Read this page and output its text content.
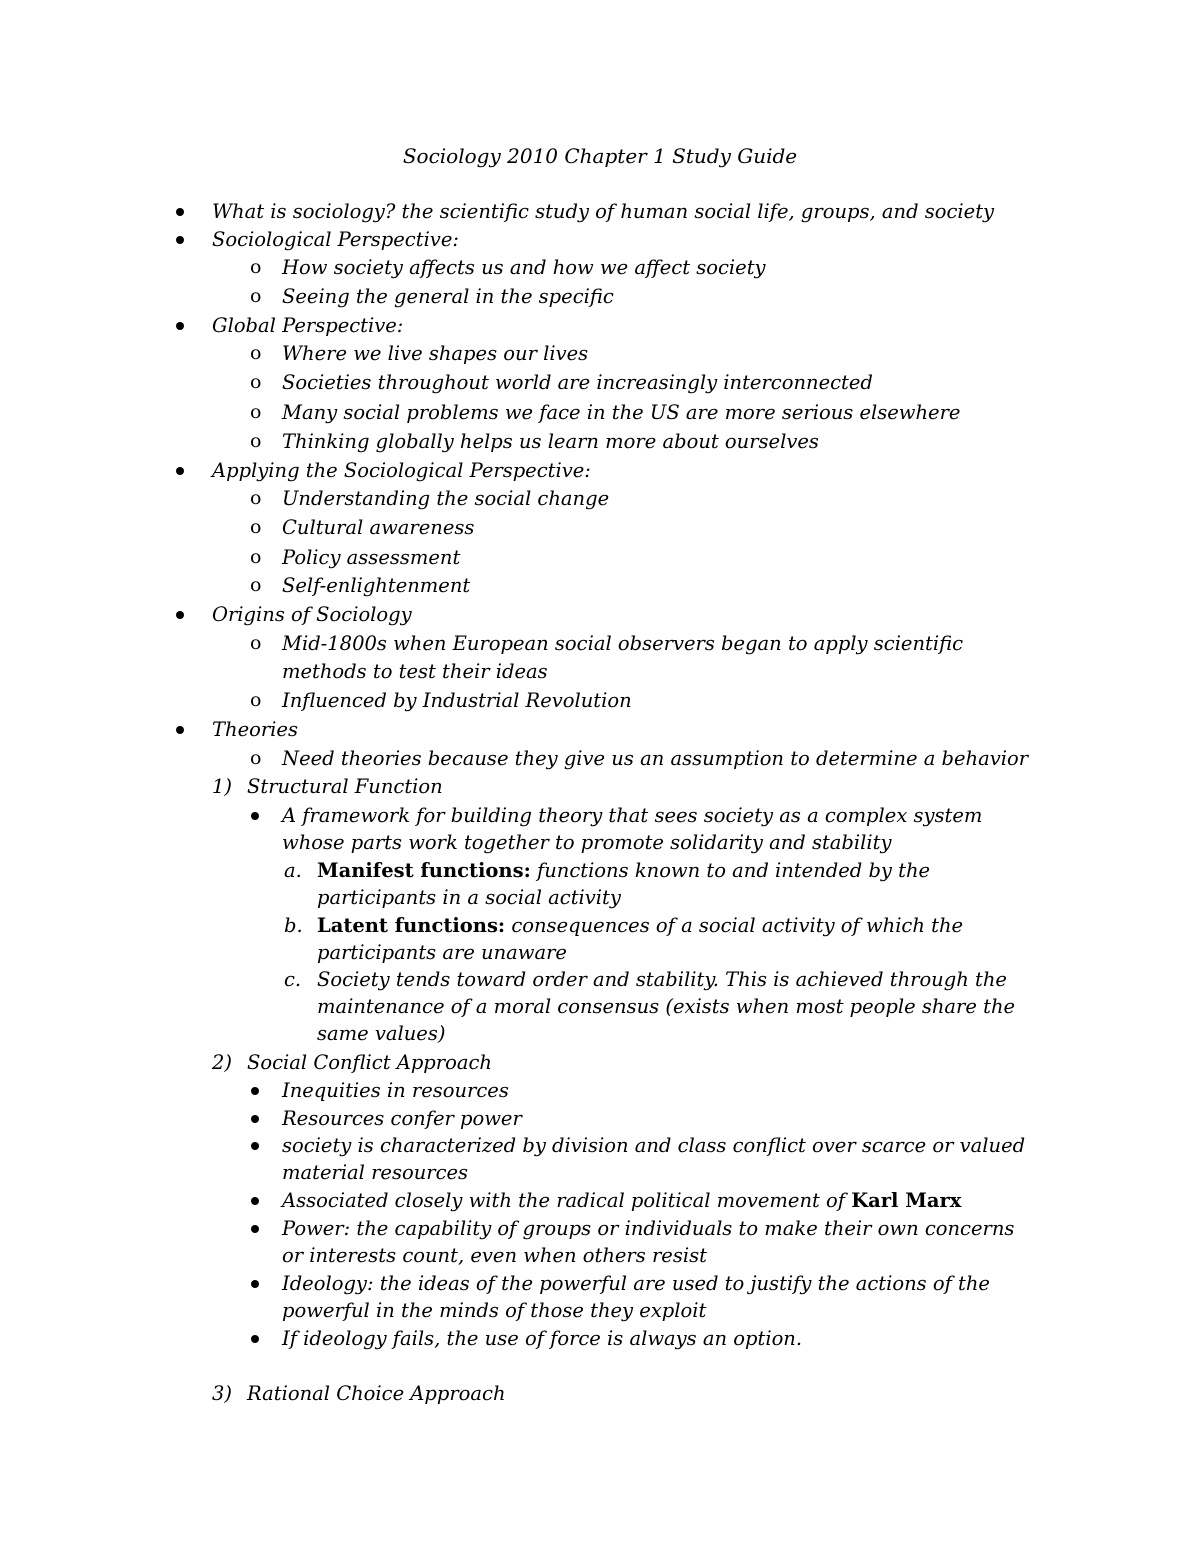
Sociology 2010 Chapter 1 Study Guide
What is sociology? the scientific study of human social life, groups, and society
Sociological Perspective:
o How society affects us and how we affect society
o Seeing the general in the specific
Global Perspective:
o Where we live shapes our lives
o Societies throughout world are increasingly interconnected
o Many social problems we face in the US are more serious elsewhere
o Thinking globally helps us learn more about ourselves
Applying the Sociological Perspective:
o Understanding the social change
o Cultural awareness
o Policy assessment
o Self-enlightenment
Origins of Sociology
o Mid-1800s when European social observers began to apply scientific
methods to test their ideas
o Influenced by Industrial Revolution
Theories
o Need theories because they give us an assumption to determine a behavior
1) Structural Function
A framework for building theory that sees society as a complex system
whose parts work together to promote solidarity and stability
a. Manifest functions: functions known to and intended by the
participants in a social activity
b. Latent functions: consequences of a social activity of which the
participants are unaware
c. Society tends toward order and stability. This is achieved through the
maintenance of a moral consensus (exists when most people share the
same values)
2) Social Conflict Approach
Inequities in resources
Resources confer power
society is characterized by division and class conflict over scarce or valued
material resources
Associated closely with the radical political movement of Karl Marx
Power: the capability of groups or individuals to make their own concerns
or interests count, even when others resist
Ideology: the ideas of the powerful are used to justify the actions of the
powerful in the minds of those they exploit
If ideology fails, the use of force is always an option.
3) Rational Choice Approach
